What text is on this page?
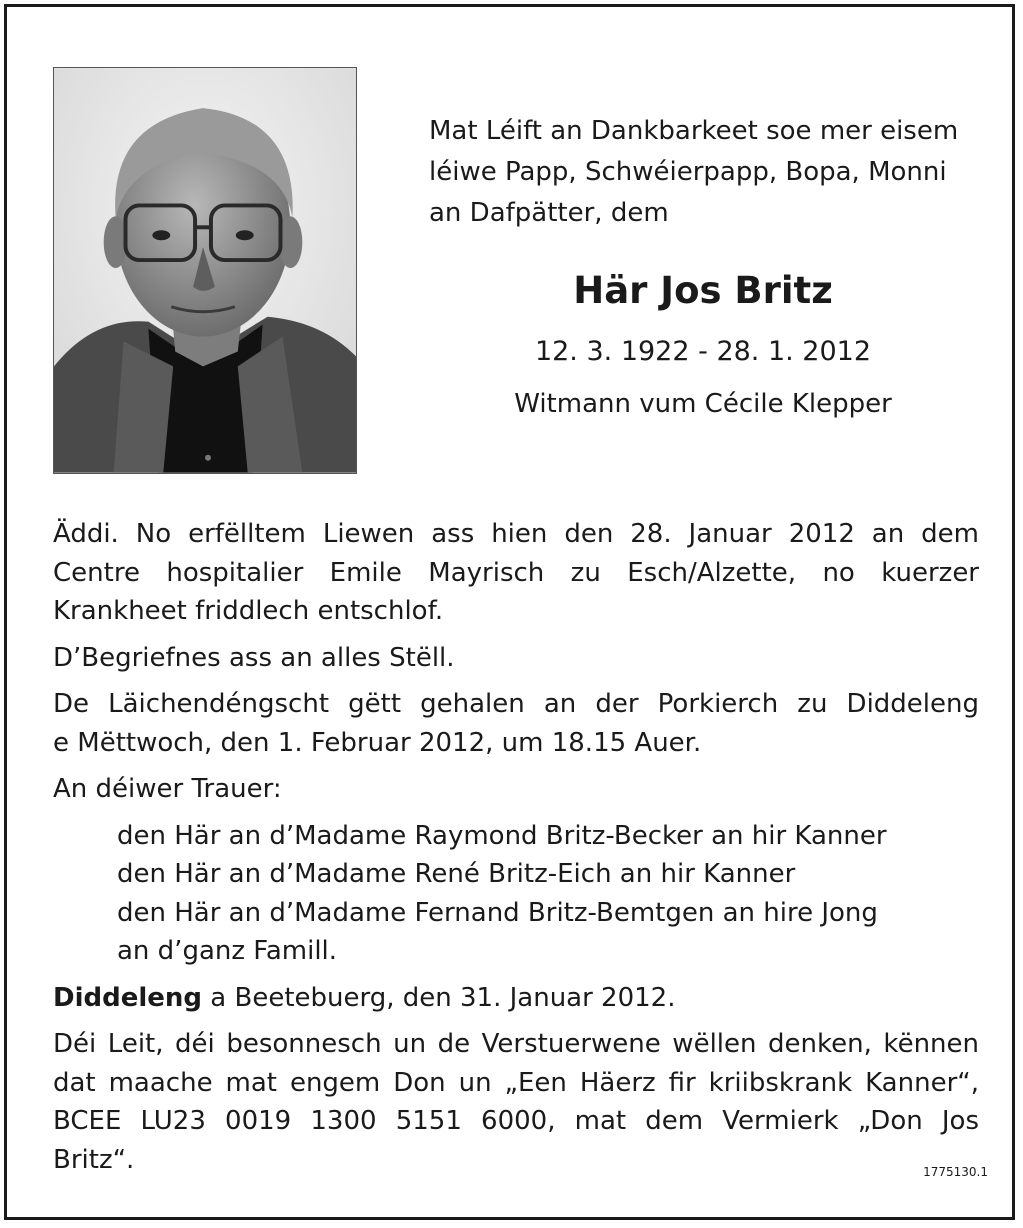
Mat Léift an Dankbarkeet soe mer eisem
léiwe Papp, Schwéierpapp, Bopa, Monni
an Dafpätter, dem
Här Jos Britz
12. 3. 1922 - 28. 1. 2012
Witmann vum Cécile Klepper
Äddi. No erfëlltem Liewen ass hien den 28. Januar 2012 an dem
Centre hospitalier Emile Mayrisch zu Esch/Alzette, no kuerzer
Krankheet friddlech entschlof.
D’Begriefnes ass an alles Stëll.
De Läichendéngscht gëtt gehalen an der Porkierch zu Diddeleng
e Mëttwoch, den 1. Februar 2012, um 18.15 Auer.
An déiwer Trauer:
den Här an d’Madame Raymond Britz-Becker an hir Kanner
den Här an d’Madame René Britz-Eich an hir Kanner
den Här an d’Madame Fernand Britz-Bemtgen an hire Jong
an d’ganz Famill.
Diddeleng a Beetebuerg, den 31. Januar 2012.
Déi Leit, déi besonnesch un de Verstuerwene wëllen denken, kënnen
dat maache mat engem Don un „Een Häerz fir kriibskrank Kanner“,
BCEE LU23 0019 1300 5151 6000, mat dem Vermierk „Don Jos
Britz“.	1775130.1
